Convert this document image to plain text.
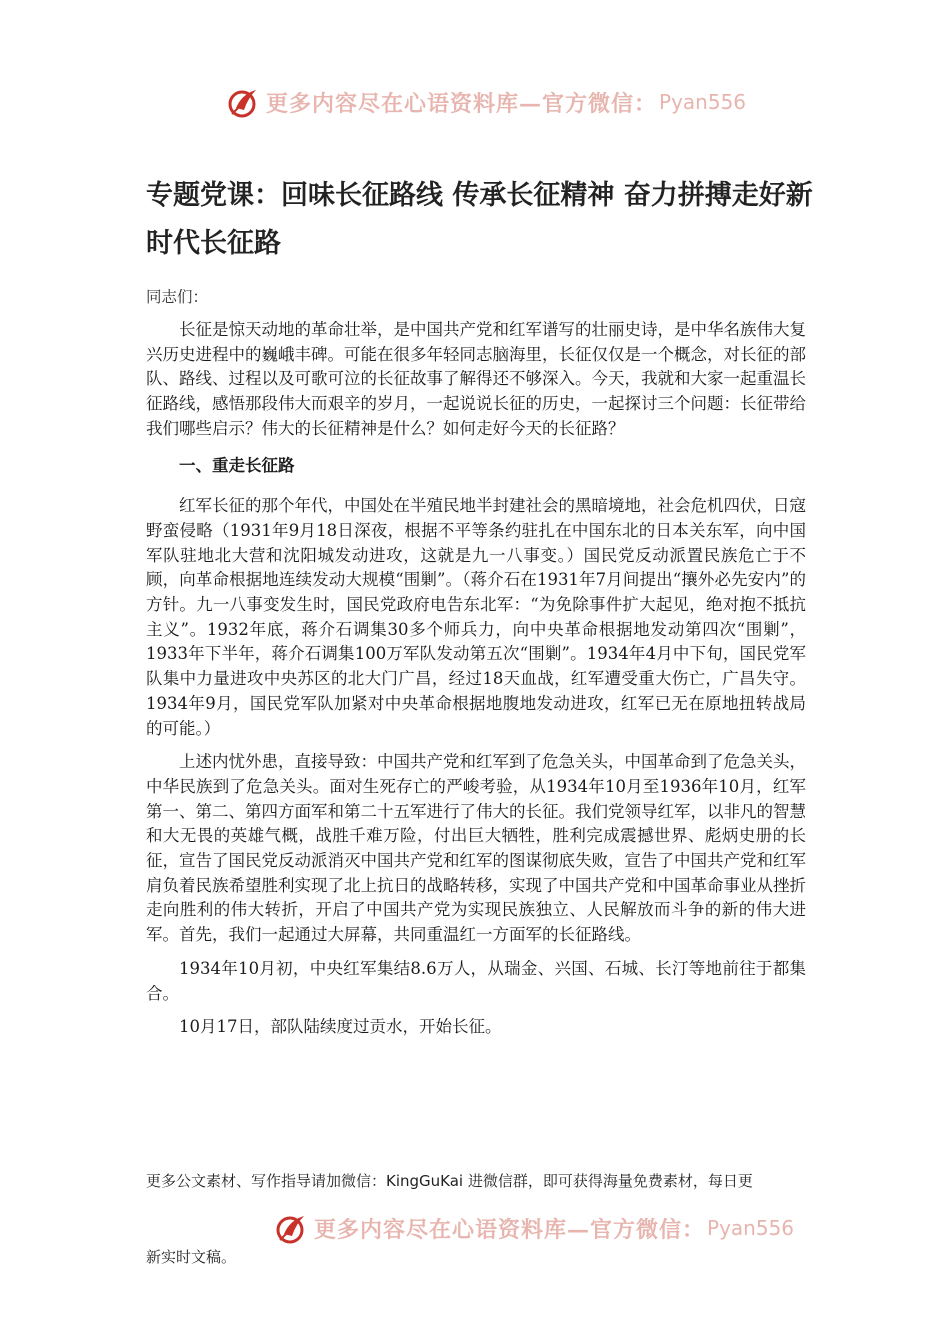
更多内容尽在心语资料库—官方微信： Pyan556
专题党课：回味长征路线 传承长征精神 奋力拼搏走好新时代长征路
同志们：

长征是惊天动地的革命壮举，是中国共产党和红军谱写的壮丽史诗，是中华名族伟大复兴历史进程中的巍峨丰碑。可能在很多年轻同志脑海里，长征仅仅是一个概念，对长征的部队、路线、过程以及可歌可泣的长征故事了解得还不够深入。今天，我就和大家一起重温长征路线，感悟那段伟大而艰辛的岁月，一起说说长征的历史，一起探讨三个问题：长征带给我们哪些启示？伟大的长征精神是什么？如何走好今天的长征路？

一、重走长征路

红军长征的那个年代，中国处在半殖民地半封建社会的黑暗境地，社会危机四伏，日寇野蛮侵略（1931年9月18日深夜，根据不平等条约驻扎在中国东北的日本关东军，向中国军队驻地北大营和沈阳城发动进攻，这就是九一八事变。）国民党反动派置民族危亡于不顾，向革命根据地连续发动大规模“围剿”。（蒋介石在1931年7月间提出“攘外必先安内”的方针。九一八事变发生时，国民党政府电告东北军：“为免除事件扩大起见，绝对抱不抵抗主义”。1932年底，蒋介石调集30多个师兵力，向中央革命根据地发动第四次“围剿”，1933年下半年，蒋介石调集100万军队发动第五次“围剿”。1934年4月中下旬，国民党军队集中力量进攻中央苏区的北大门广昌，经过18天血战，红军遭受重大伤亡，广昌失守。1934年9月，国民党军队加紧对中央革命根据地腹地发动进攻，红军已无在原地扭转战局的可能。）

上述内忧外患，直接导致：中国共产党和红军到了危急关头，中国革命到了危急关头，中华民族到了危急关头。面对生死存亡的严峻考验，从1934年10月至1936年10月，红军第一、第二、第四方面军和第二十五军进行了伟大的长征。我们党领导红军，以非凡的智慧和大无畏的英雄气概，战胜千难万险，付出巨大牺牲，胜利完成震撼世界、彪炳史册的长征，宣告了国民党反动派消灭中国共产党和红军的图谋彻底失败，宣告了中国共产党和红军肩负着民族希望胜利实现了北上抗日的战略转移，实现了中国共产党和中国革命事业从挫折走向胜利的伟大转折，开启了中国共产党为实现民族独立、人民解放而斗争的新的伟大进军。首先，我们一起通过大屏幕，共同重温红一方面军的长征路线。

1934年10月初，中央红军集结8.6万人，从瑞金、兴国、石城、长汀等地前往于都集合。

10月17日，部队陆续度过贡水，开始长征。

更多公文素材、写作指导请加微信：KingGuKai 进微信群，即可获得海量免费素材，每日更
更多内容尽在心语资料库—官方微信： Pyan556
新实时文稿。
